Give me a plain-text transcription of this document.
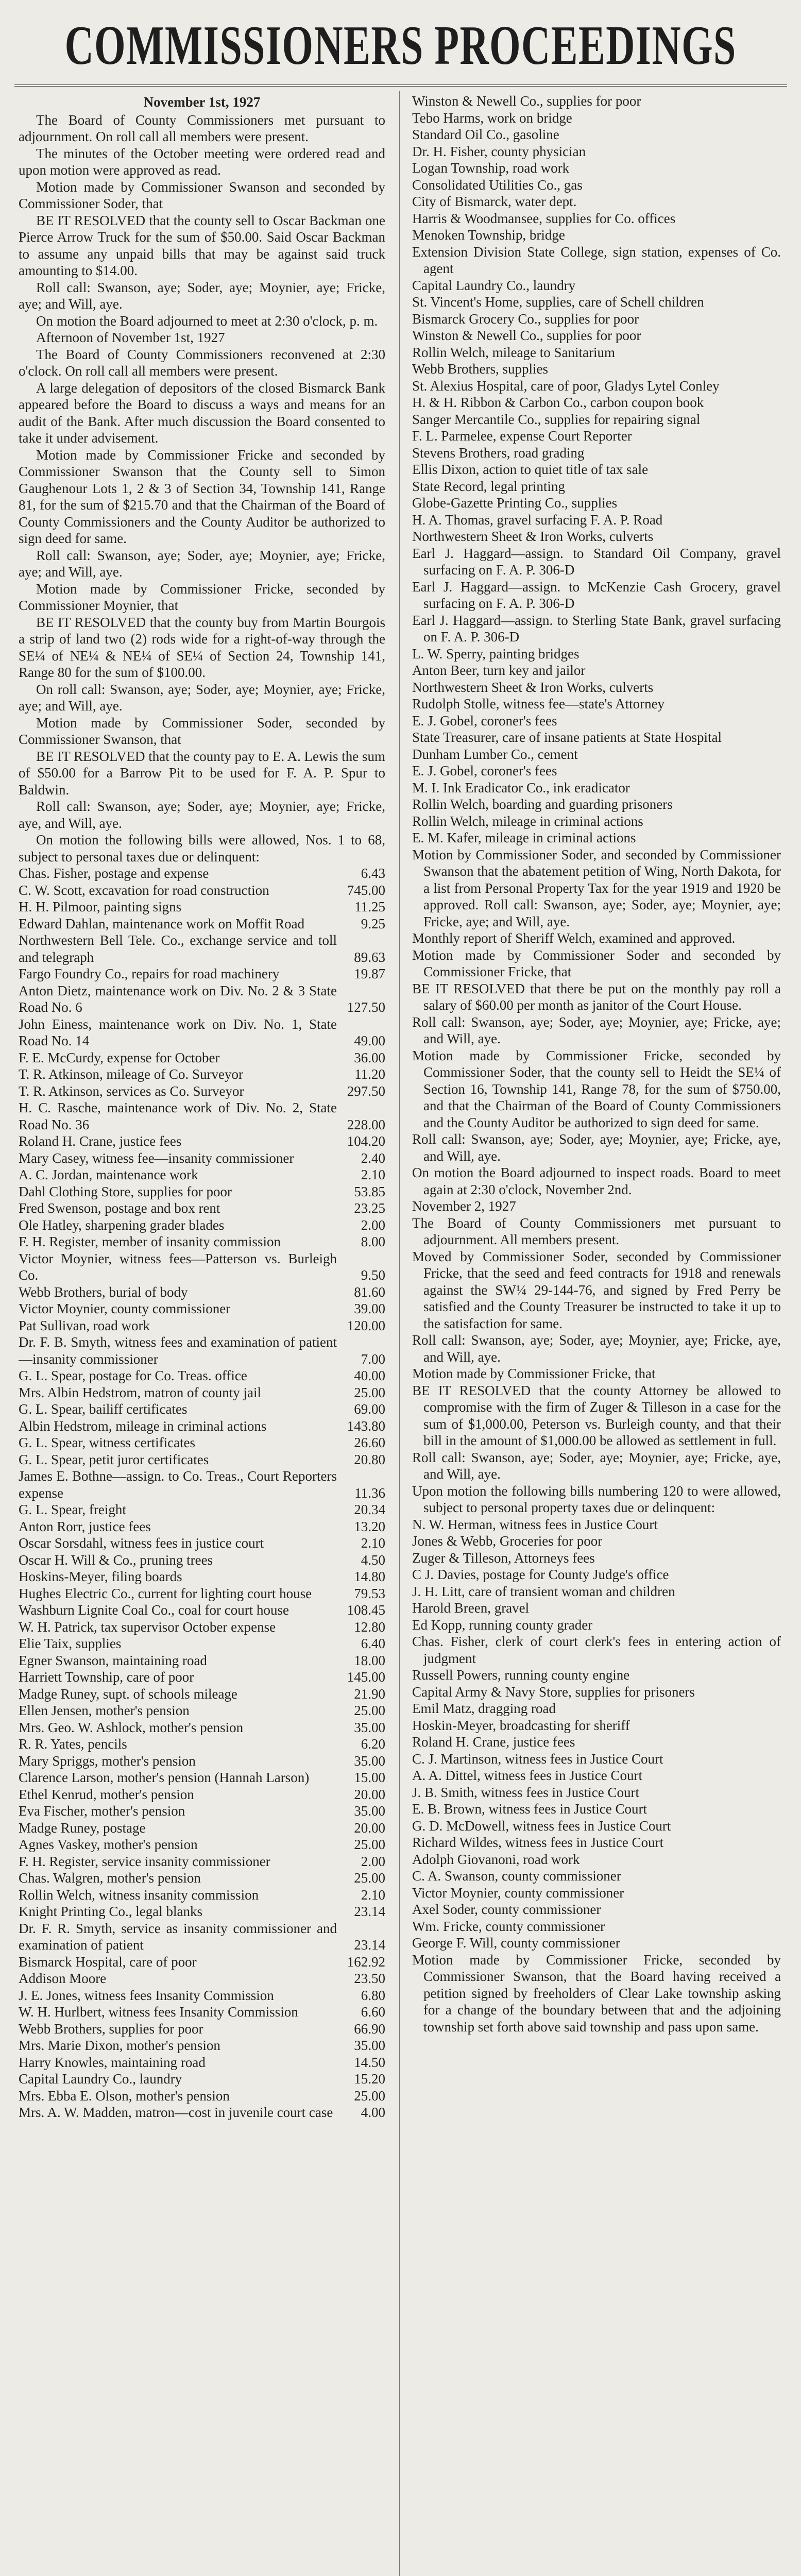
COMMISSIONERS PROCEEDINGS

November 1st, 1927

The Board of County Commissioners met pursuant to adjournment. On roll call all members were present.

The minutes of the October meeting were ordered read and upon motion were approved as read.

Motion made by Commissioner Swanson and seconded by Commissioner Soder, that

BE IT RESOLVED that the county sell to Oscar Backman one Pierce Arrow Truck for the sum of $50.00. Said Oscar Backman to assume any unpaid bills that may be against said truck amounting to $14.00.

Roll call: Swanson, aye; Soder, aye; Moynier, aye; Fricke, aye; and Will, aye.

On motion the Board adjourned to meet at 2:30 o'clock, p. m.

Afternoon of November 1st, 1927

The Board of County Commissioners reconvened at 2:30 o'clock. On roll call all members were present.

A large delegation of depositors of the closed Bismarck Bank appeared before the Board to discuss a ways and means for an audit of the Bank. After much discussion the Board consented to take it under advisement.

Motion made by Commissioner Fricke and seconded by Commissioner Swanson that the County sell to Simon Gaughenour Lots 1, 2 & 3 of Section 34, Township 141, Range 81, for the sum of $215.70 and that the Chairman of the Board of County Commissioners and the County Auditor be authorized to sign deed for same.

Roll call: Swanson, aye; Soder, aye; Moynier, aye; Fricke, aye; and Will, aye.

Motion made by Commissioner Fricke, seconded by Commissioner Moynier, that

BE IT RESOLVED that the county buy from Martin Bourgois a strip of land two (2) rods wide for a right-of-way through the SE¼ of NE¼ & NE¼ of SE¼ of Section 24, Township 141, Range 80 for the sum of $100.00.

On roll call: Swanson, aye; Soder, aye; Moynier, aye; Fricke, aye; and Will, aye.

Motion made by Commissioner Soder, seconded by Commissioner Swanson, that

BE IT RESOLVED that the county pay to E. A. Lewis the sum of $50.00 for a Barrow Pit to be used for F. A. P. Spur to Baldwin.

Roll call: Swanson, aye; Soder, aye; Moynier, aye; Fricke, aye, and Will, aye.

On motion the following bills were allowed, Nos. 1 to 68, subject to personal taxes due or delinquent:

Chas. Fisher, postage and expense	6.43
C. W. Scott, excavation for road construction	745.00
H. H. Pilmoor, painting signs	11.25
Edward Dahlan, maintenance work on Moffit Road	9.25
Northwestern Bell Tele. Co., exchange service and toll and telegraph	89.63
Fargo Foundry Co., repairs for road machinery	19.87
Anton Dietz, maintenance work on Div. No. 2 & 3 State Road No. 6	127.50
John Einess, maintenance work on Div. No. 1, State Road No. 14	49.00
F. E. McCurdy, expense for October	36.00
T. R. Atkinson, mileage of Co. Surveyor	11.20
T. R. Atkinson, services as Co. Surveyor	297.50
H. C. Rasche, maintenance work of Div. No. 2, State Road No. 36	228.00
Roland H. Crane, justice fees	104.20
Mary Casey, witness fee—insanity commissioner	2.40
A. C. Jordan, maintenance work	2.10
Dahl Clothing Store, supplies for poor	53.85
Fred Swenson, postage and box rent	23.25
Ole Hatley, sharpening grader blades	2.00
F. H. Register, member of insanity commission	8.00
Victor Moynier, witness fees—Patterson vs. Burleigh Co.	9.50
Webb Brothers, burial of body	81.60
Victor Moynier, county commissioner	39.00
Pat Sullivan, road work	120.00
Dr. F. B. Smyth, witness fees and examination of patient—insanity commissioner	7.00
G. L. Spear, postage for Co. Treas. office	40.00
Mrs. Albin Hedstrom, matron of county jail	25.00
G. L. Spear, bailiff certificates	69.00
Albin Hedstrom, mileage in criminal actions	143.80
G. L. Spear, witness certificates	26.60
G. L. Spear, petit juror certificates	20.80
James E. Bothne—assign. to Co. Treas., Court Reporters expense	11.36
G. L. Spear, freight	20.34
Anton Rorr, justice fees	13.20
Oscar Sorsdahl, witness fees in justice court	2.10
Oscar H. Will & Co., pruning trees	4.50
Hoskins-Meyer, filing boards	14.80
Hughes Electric Co., current for lighting court house	79.53
Washburn Lignite Coal Co., coal for court house	108.45
W. H. Patrick, tax supervisor October expense	12.80
Elie Taix, supplies	6.40
Egner Swanson, maintaining road	18.00
Harriett Township, care of poor	145.00
Madge Runey, supt. of schools mileage	21.90
Ellen Jensen, mother's pension	25.00
Mrs. Geo. W. Ashlock, mother's pension	35.00
R. R. Yates, pencils	6.20
Mary Spriggs, mother's pension	35.00
Clarence Larson, mother's pension (Hannah Larson)	15.00
Ethel Kenrud, mother's pension	20.00
Eva Fischer, mother's pension	35.00
Madge Runey, postage	20.00
Agnes Vaskey, mother's pension	25.00
F. H. Register, service insanity commissioner	2.00
Chas. Walgren, mother's pension	25.00
Rollin Welch, witness insanity commission	2.10
Knight Printing Co., legal blanks	23.14
Dr. F. R. Smyth, service as insanity commissioner and examination of patient	23.14
Bismarck Hospital, care of poor	162.92
Addison Moore	23.50
J. E. Jones, witness fees Insanity Commission	6.80
W. H. Hurlbert, witness fees Insanity Commission	6.60
Webb Brothers, supplies for poor	66.90
Mrs. Marie Dixon, mother's pension	35.00
Harry Knowles, maintaining road	14.50
Capital Laundry Co., laundry	15.20
Mrs. Ebba E. Olson, mother's pension	25.00
Mrs. A. W. Madden, matron—cost in juvenile court case	4.00

Winston & Newell Co., supplies for poor

Tebo Harms, work on bridge

Standard Oil Co., gasoline

Dr. H. Fisher, county physician

Logan Township, road work

Consolidated Utilities Co., gas

City of Bismarck, water dept.

Harris & Woodmansee, supplies for Co. offices

Menoken Township, bridge

Extension Division State College, sign station, expenses of Co. agent

Capital Laundry Co., laundry

St. Vincent's Home, supplies, care of Schell children

Bismarck Grocery Co., supplies for poor

Winston & Newell Co., supplies for poor

Rollin Welch, mileage to Sanitarium

Webb Brothers, supplies

St. Alexius Hospital, care of poor, Gladys Lytel Conley

H. & H. Ribbon & Carbon Co., carbon coupon book

Sanger Mercantile Co., supplies for repairing signal

F. L. Parmelee, expense Court Reporter

Stevens Brothers, road grading

Ellis Dixon, action to quiet title of tax sale

State Record, legal printing

Globe-Gazette Printing Co., supplies

H. A. Thomas, gravel surfacing F. A. P. Road

Northwestern Sheet & Iron Works, culverts

Earl J. Haggard—assign. to Standard Oil Company, gravel surfacing on F. A. P. 306-D

Earl J. Haggard—assign. to McKenzie Cash Grocery, gravel surfacing on F. A. P. 306-D

Earl J. Haggard—assign. to Sterling State Bank, gravel surfacing on F. A. P. 306-D

L. W. Sperry, painting bridges

Anton Beer, turn key and jailor

Northwestern Sheet & Iron Works, culverts

Rudolph Stolle, witness fee—state's Attorney

E. J. Gobel, coroner's fees

State Treasurer, care of insane patients at State Hospital

Dunham Lumber Co., cement

E. J. Gobel, coroner's fees

M. I. Ink Eradicator Co., ink eradicator

Rollin Welch, boarding and guarding prisoners

Rollin Welch, mileage in criminal actions

E. M. Kafer, mileage in criminal actions

Motion by Commissioner Soder, and seconded by Commissioner Swanson that the abatement petition of Wing, North Dakota, for a list from Personal Property Tax for the year 1919 and 1920 be approved. Roll call: Swanson, aye; Soder, aye; Moynier, aye; Fricke, aye; and Will, aye.

Monthly report of Sheriff Welch, examined and approved.

Motion made by Commissioner Soder and seconded by Commissioner Fricke, that

BE IT RESOLVED that there be put on the monthly pay roll a salary of $60.00 per month as janitor of the Court House.

Roll call: Swanson, aye; Soder, aye; Moynier, aye; Fricke, aye; and Will, aye.

Motion made by Commissioner Fricke, seconded by Commissioner Soder, that the county sell to Heidt the SE¼ of Section 16, Township 141, Range 78, for the sum of $750.00, and that the Chairman of the Board of County Commissioners and the County Auditor be authorized to sign deed for same.

Roll call: Swanson, aye; Soder, aye; Moynier, aye; Fricke, aye, and Will, aye.

On motion the Board adjourned to inspect roads. Board to meet again at 2:30 o'clock, November 2nd.

November 2, 1927

The Board of County Commissioners met pursuant to adjournment. All members present.

Moved by Commissioner Soder, seconded by Commissioner Fricke, that the seed and feed contracts for 1918 and renewals against the SW¼ 29-144-76, and signed by Fred Perry be satisfied and the County Treasurer be instructed to take it up to the satisfaction for same.

Roll call: Swanson, aye; Soder, aye; Moynier, aye; Fricke, aye, and Will, aye.

Motion made by Commissioner Fricke, that

BE IT RESOLVED that the county Attorney be allowed to compromise with the firm of Zuger & Tilleson in a case for the sum of $1,000.00, Peterson vs. Burleigh county, and that their bill in the amount of $1,000.00 be allowed as settlement in full.

Roll call: Swanson, aye; Soder, aye; Moynier, aye; Fricke, aye, and Will, aye.

Upon motion the following bills numbering 120 to were allowed, subject to personal property taxes due or delinquent:

N. W. Herman, witness fees in Justice Court

Jones & Webb, Groceries for poor

Zuger & Tilleson, Attorneys fees

C J. Davies, postage for County Judge's office

J. H. Litt, care of transient woman and children

Harold Breen, gravel

Ed Kopp, running county grader

Chas. Fisher, clerk of court clerk's fees in entering action of judgment

Russell Powers, running county engine

Capital Army & Navy Store, supplies for prisoners

Emil Matz, dragging road

Hoskin-Meyer, broadcasting for sheriff

Roland H. Crane, justice fees

C. J. Martinson, witness fees in Justice Court

A. A. Dittel, witness fees in Justice Court

J. B. Smith, witness fees in Justice Court

E. B. Brown, witness fees in Justice Court

G. D. McDowell, witness fees in Justice Court

Richard Wildes, witness fees in Justice Court

Adolph Giovanoni, road work

C. A. Swanson, county commissioner

Victor Moynier, county commissioner

Axel Soder, county commissioner

Wm. Fricke, county commissioner

George F. Will, county commissioner

Motion made by Commissioner Fricke, seconded by Commissioner Swanson, that the Board having received a petition signed by freeholders of Clear Lake township asking for a change of the boundary between that and the adjoining township set forth above said township and pass upon same.
